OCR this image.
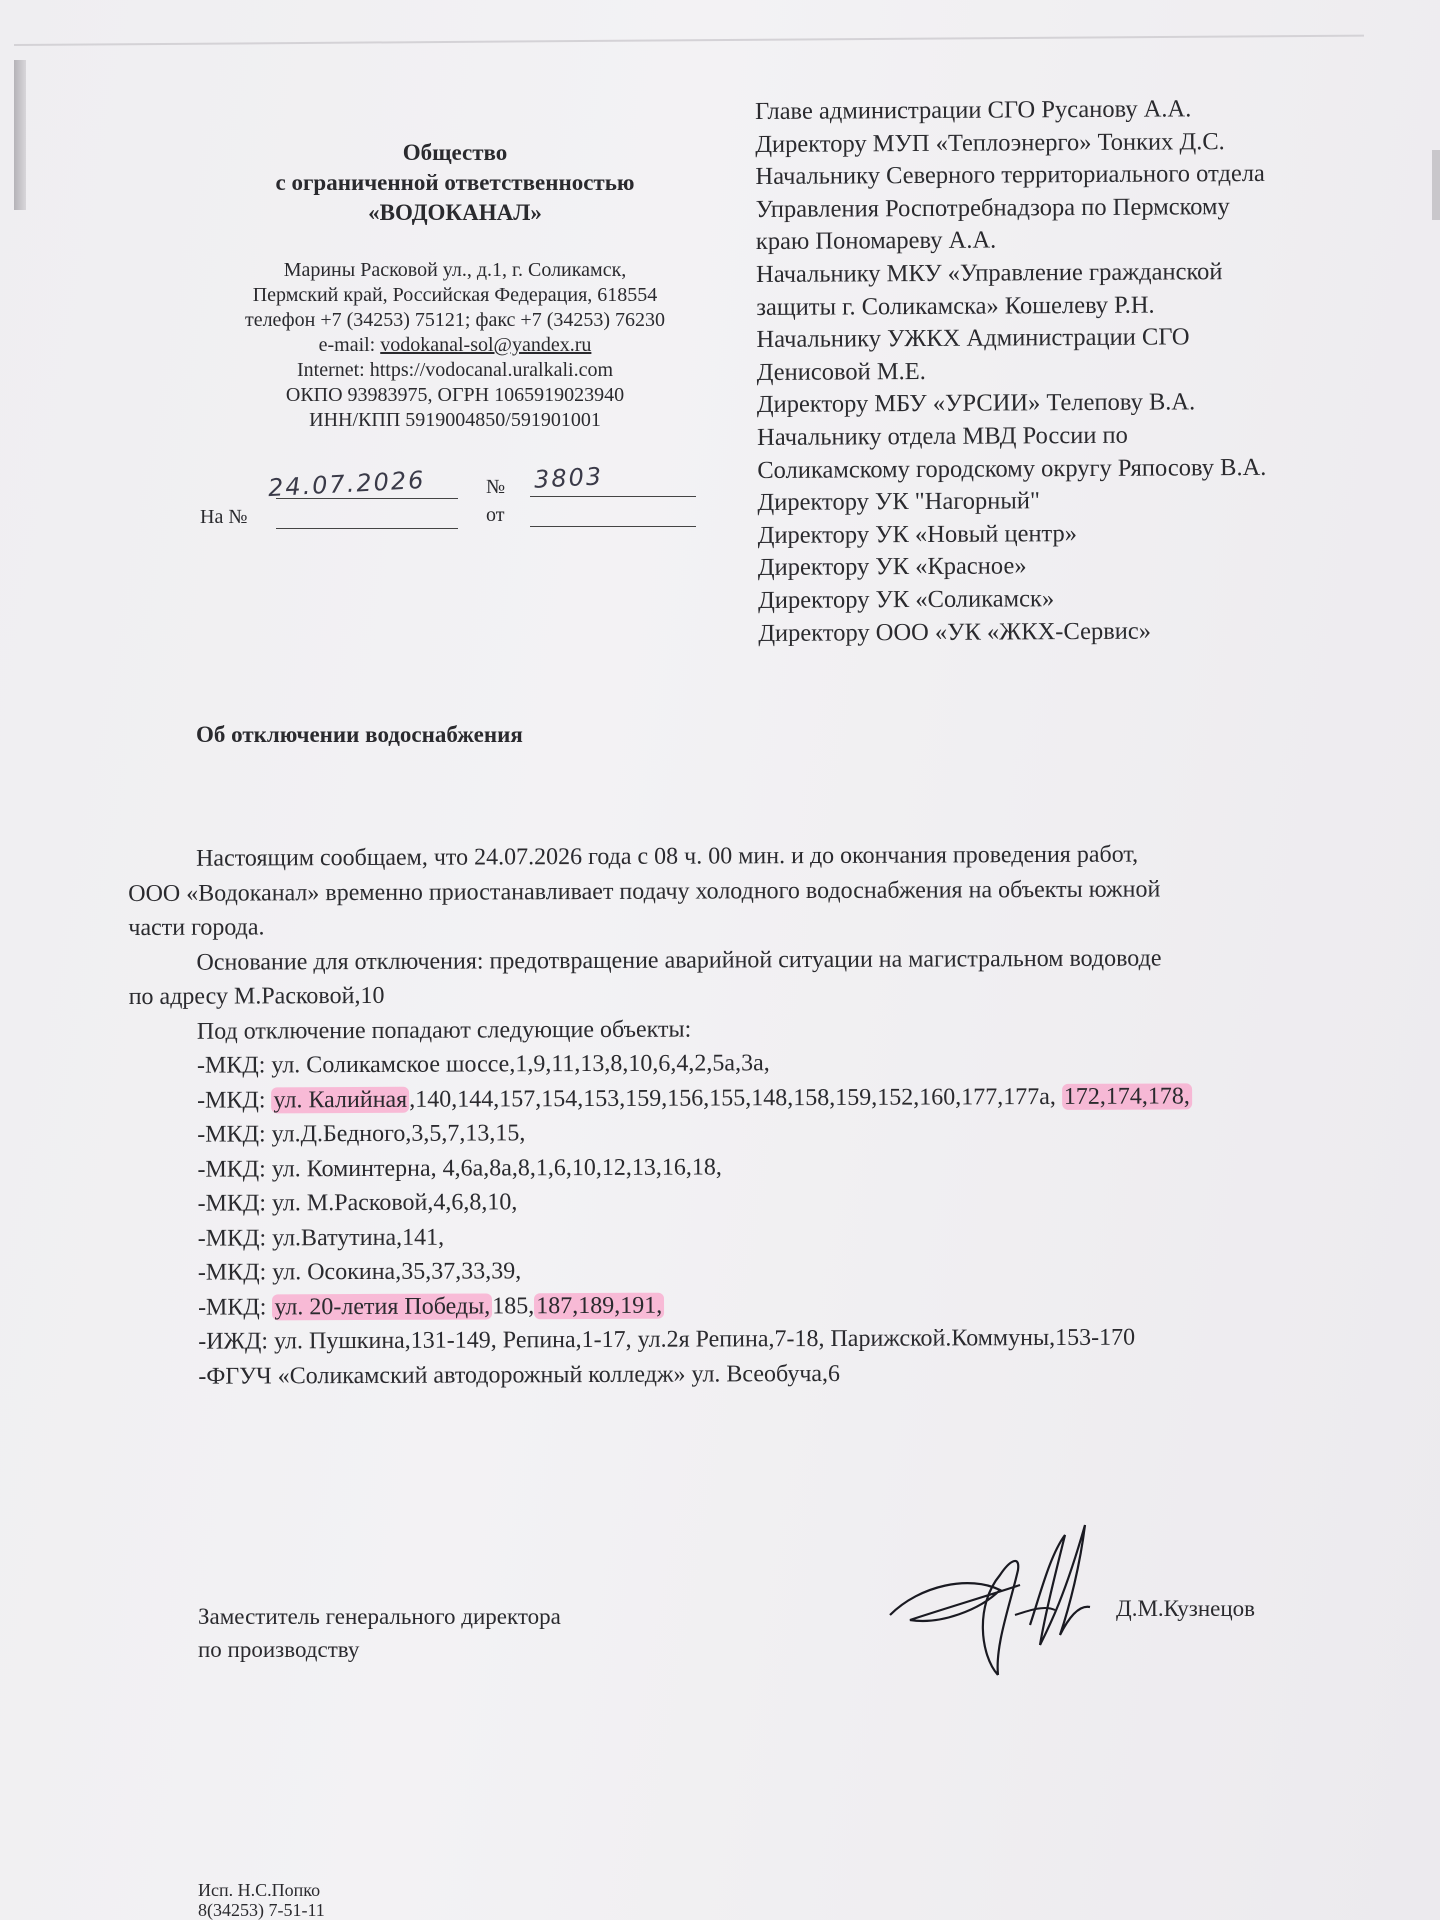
Общество
с ограниченной ответственностью
«ВОДОКАНАЛ»
Марины Расковой ул., д.1, г. Соликамск,
Пермский край, Российская Федерация, 618554
телефон +7 (34253) 75121; факс +7 (34253) 76230
e-mail: vodokanal-sol@yandex.ru
Internet: https://vodocanal.uralkali.com
ОКПО 93983975, ОГРН 1065919023940
ИНН/КПП 5919004850/591901001
24.07.2026	№ 3803
На №	от
Главе администрации СГО Русанову А.А.
Директору МУП «Теплоэнерго» Тонких Д.С.
Начальнику Северного территориального отдела
Управления Роспотребнадзора по Пермскому
краю Пономареву А.А.
Начальнику МКУ «Управление гражданской
защиты г. Соликамска» Кошелеву Р.Н.
Начальнику УЖКХ Администрации СГО
Денисовой М.Е.
Директору МБУ «УРСИИ» Телепову В.А.
Начальнику отдела МВД России по
Соликамскому городскому округу Ряпосову В.А.
Директору УК "Нагорный"
Директору УК «Новый центр»
Директору УК «Красное»
Директору УК «Соликамск»
Директору ООО «УК «ЖКХ-Сервис»
Об отключении водоснабжения
Настоящим сообщаем, что 24.07.2026 года с 08 ч. 00 мин. и до окончания проведения работ,
ООО «Водоканал» временно приостанавливает подачу холодного водоснабжения на объекты южной
части города.
Основание для отключения: предотвращение аварийной ситуации на магистральном водоводе
по адресу М.Расковой,10
Под отключение попадают следующие объекты:
-МКД: ул. Соликамское шоссе,1,9,11,13,8,10,6,4,2,5а,3а,
-МКД: ул. Калийная,140,144,157,154,153,159,156,155,148,158,159,152,160,177,177а, 172,174,178,
-МКД: ул.Д.Бедного,3,5,7,13,15,
-МКД: ул. Коминтерна, 4,6а,8а,8,1,6,10,12,13,16,18,
-МКД: ул. М.Расковой,4,6,8,10,
-МКД: ул.Ватутина,141,
-МКД: ул. Осокина,35,37,33,39,
-МКД: ул. 20-летия Победы,185,187,189,191,
-ИЖД: ул. Пушкина,131-149, Репина,1-17, ул.2я Репина,7-18, Парижской.Коммуны,153-170
-ФГУЧ «Соликамский автодорожный колледж» ул. Всеобуча,6
Заместитель генерального директора
по производству
Д.М.Кузнецов
Исп. Н.С.Попко
8(34253) 7-51-11
